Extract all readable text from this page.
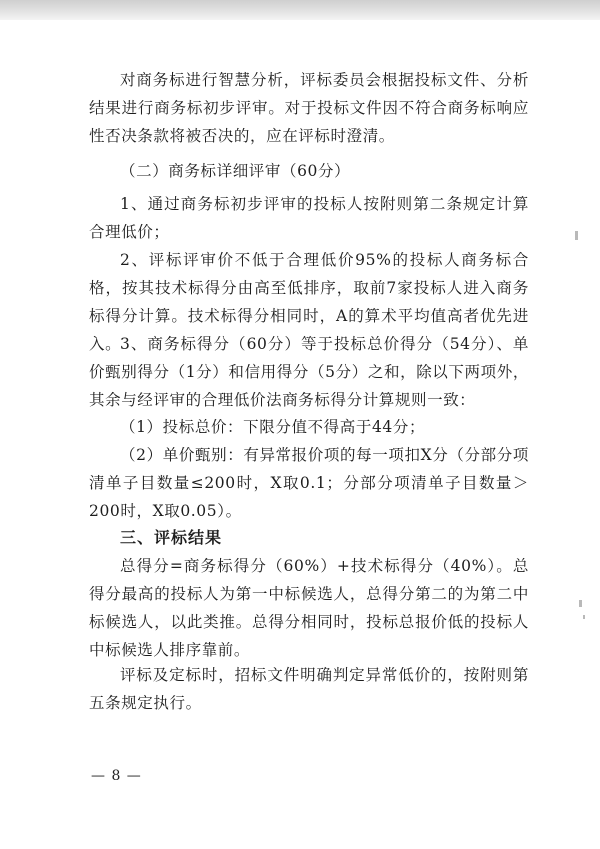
对商务标进行智慧分析，评标委员会根据投标文件、分析结果进行商务标初步评审。对于投标文件因不符合商务标响应性否决条款将被否决的，应在评标时澄清。

（二）商务标详细评审（60分）

1、通过商务标初步评审的投标人按附则第二条规定计算合理低价；

2、评标评审价不低于合理低价95%的投标人商务标合格，按其技术标得分由高至低排序，取前7家投标人进入商务标得分计算。技术标得分相同时，A的算术平均值高者优先进入。

3、商务标得分（60分）等于投标总价得分（54分）、单价甄别得分（1分）和信用得分（5分）之和，除以下两项外，其余与经评审的合理低价法商务标得分计算规则一致：

（1）投标总价：下限分值不得高于44分；

（2）单价甄别：有异常报价项的每一项扣X分（分部分项清单子目数量≤200时，X取0.1；分部分项清单子目数量＞200时，X取0.05）。

三、评标结果

总得分=商务标得分（60%）+技术标得分（40%）。总得分最高的投标人为第一中标候选人，总得分第二的为第二中标候选人，以此类推。总得分相同时，投标总报价低的投标人中标候选人排序靠前。

评标及定标时，招标文件明确判定异常低价的，按附则第五条规定执行。

— 8 —
